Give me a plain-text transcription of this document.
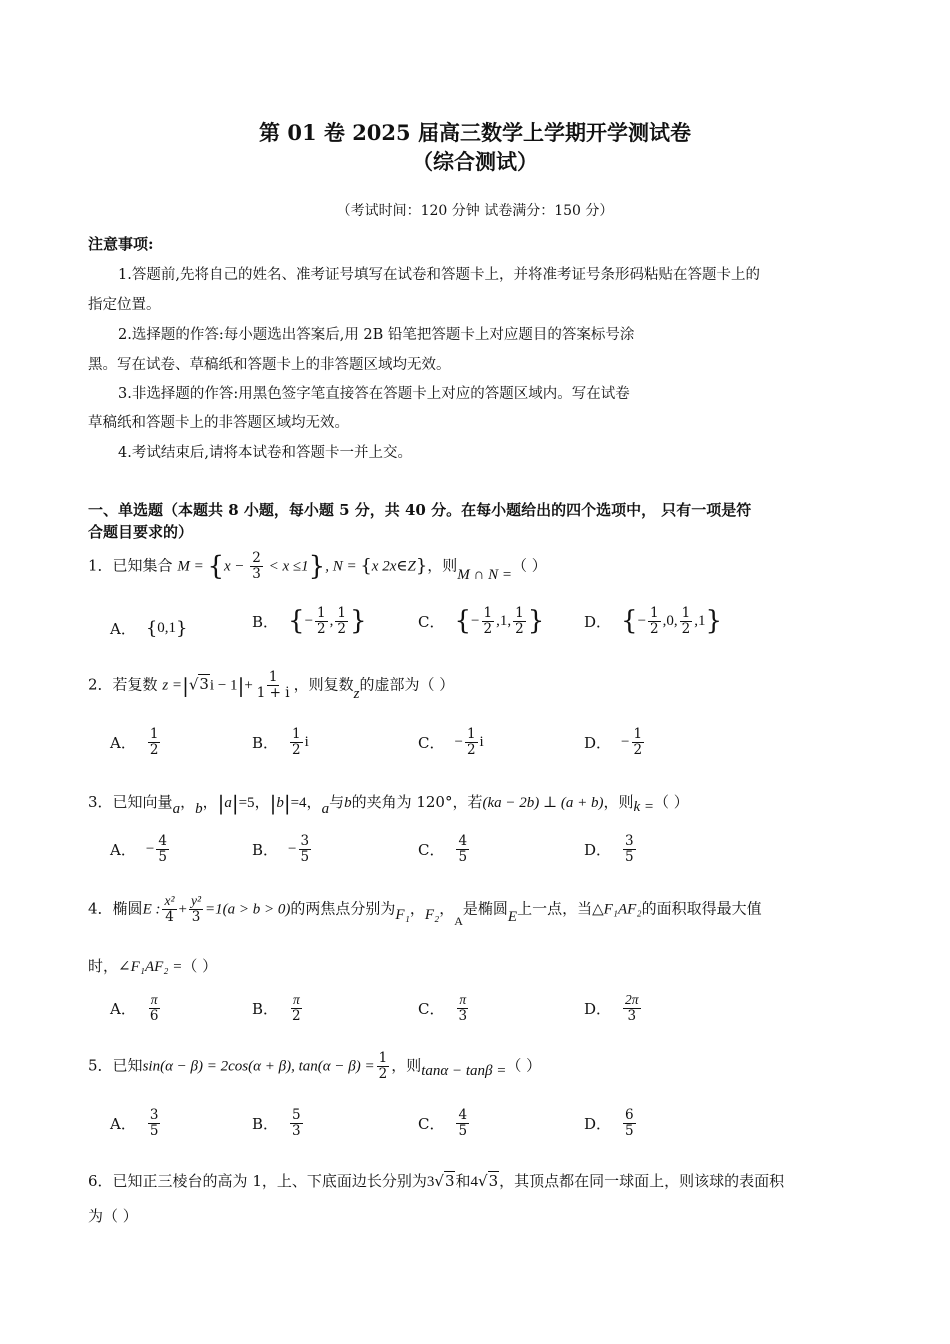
第 01 卷 2025 届高三数学上学期开学测试卷
（综合测试）
（考试时间：120 分钟 试卷满分：150 分）
注意事项:
1.答题前,先将自己的姓名、准考证号填写在试卷和答题卡上，并将准考证号条形码粘贴在答题卡上的
指定位置。
2.选择题的作答:每小题选出答案后,用 2B 铅笔把答题卡上对应题目的答案标号涂
黑。写在试卷、草稿纸和答题卡上的非答题区域均无效。
3.非选择题的作答:用黑色签字笔直接答在答题卡上对应的答题区域内。写在试卷
草稿纸和答题卡上的非答题区域均无效。
4.考试结束后,请将本试卷和答题卡一并上交。
一、单选题（本题共 8 小题，每小题 5 分，共 40 分。在每小题给出的四个选项中， 只有一项是符
合题目要求的）
1．已知集合 $M = \{x - \frac{2}{3} < x \le 1\}$, N = {x 2x∈Z}，则M ∩ N =（ ）
A． { 0,1 }	B． { − $\frac{1}{2}$ , $\frac{1}{2}$ }	C． { − $\frac{1}{2} ,1$, $\frac{1}{2}$ }	D． { − $\frac{1}{2} ,0$, $\frac{1}{2} ,1$ }
2．若复数 $z =|√3i - 1|+ \frac{1}{1 + i}$ ，则复数z的虚部为（ ）
A． $\frac{1}{2}$	B． $\frac{1}{2}$ i	C． − $\frac{1}{2}$ i	D． − $\frac{1}{2}$
3．已知向量a，b，|a|=5，|b|=4，a与b的夹角为 120°，若(ka − 2b) ⊥ (a + b)，则k =（ ）
A． − $\frac{4}{5}$	B． − $\frac{3}{5}$	C． $\frac{4}{5}$	D． $\frac{3}{5}$
4．椭圆E : $\frac{\text{x²}}{4} + \frac{\text{y²}}{3} =1(a > b > 0)$的两焦点分别为F₁，F₂，$_A$是椭圆E上一点，当△F₁AF₂的面积取得最大值
时，∠F₁AF₂ =（ ）
A． $\frac{\pi}{6}$	B． $\frac{\pi}{2}$	C． $\frac{\pi}{3}$	D． $\frac{2\pi}{3}$
5．已知sin(α − β) = 2cos(α + β), $\tan(\alpha - \beta) = \frac{1}{2}$ ，则tanα − tanβ =（ ）
A． $\frac{3}{5}$	B． $\frac{5}{3}$	C． $\frac{4}{5}$	D． $\frac{6}{5}$
6．已知正三棱台的高为 1，上、下底面边长分别为3√3和4√3，其顶点都在同一球面上，则该球的表面积
为（ ）
